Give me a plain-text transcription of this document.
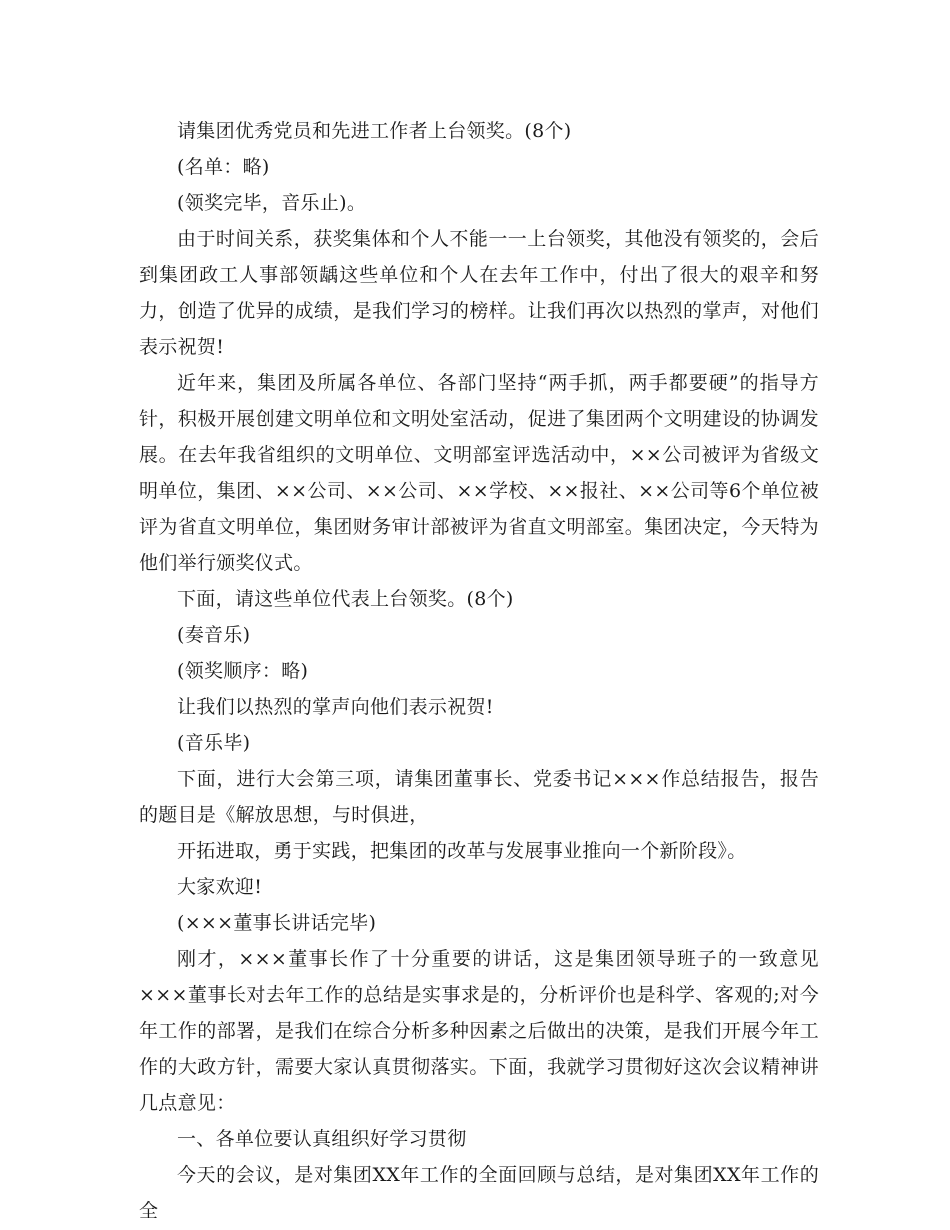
请集团优秀党员和先进工作者上台领奖。(8个)

(名单：略)

(领奖完毕，音乐止)。

由于时间关系，获奖集体和个人不能一一上台领奖，其他没有领奖的，会后到集团政工人事部领龋这些单位和个人在去年工作中，付出了很大的艰辛和努力，创造了优异的成绩，是我们学习的榜样。让我们再次以热烈的掌声，对他们表示祝贺!

近年来，集团及所属各单位、各部门坚持“两手抓，两手都要硬”的指导方针，积极开展创建文明单位和文明处室活动，促进了集团两个文明建设的协调发展。在去年我省组织的文明单位、文明部室评选活动中，××公司被评为省级文明单位，集团、××公司、××公司、××学校、××报社、××公司等6个单位被评为省直文明单位，集团财务审计部被评为省直文明部室。集团决定，今天特为他们举行颁奖仪式。

下面，请这些单位代表上台领奖。(8个)

(奏音乐)

(领奖顺序：略)

让我们以热烈的掌声向他们表示祝贺!

(音乐毕)

下面，进行大会第三项，请集团董事长、党委书记×××作总结报告，报告的题目是《解放思想，与时俱进，

开拓进取，勇于实践，把集团的改革与发展事业推向一个新阶段》。

大家欢迎!

(×××董事长讲话完毕)

刚才，×××董事长作了十分重要的讲话，这是集团领导班子的一致意见×××董事长对去年工作的总结是实事求是的，分析评价也是科学、客观的;对今年工作的部署，是我们在综合分析多种因素之后做出的决策，是我们开展今年工作的大政方针，需要大家认真贯彻落实。下面，我就学习贯彻好这次会议精神讲几点意见：

一、各单位要认真组织好学习贯彻

今天的会议，是对集团XX年工作的全面回顾与总结，是对集团XX年工作的全
